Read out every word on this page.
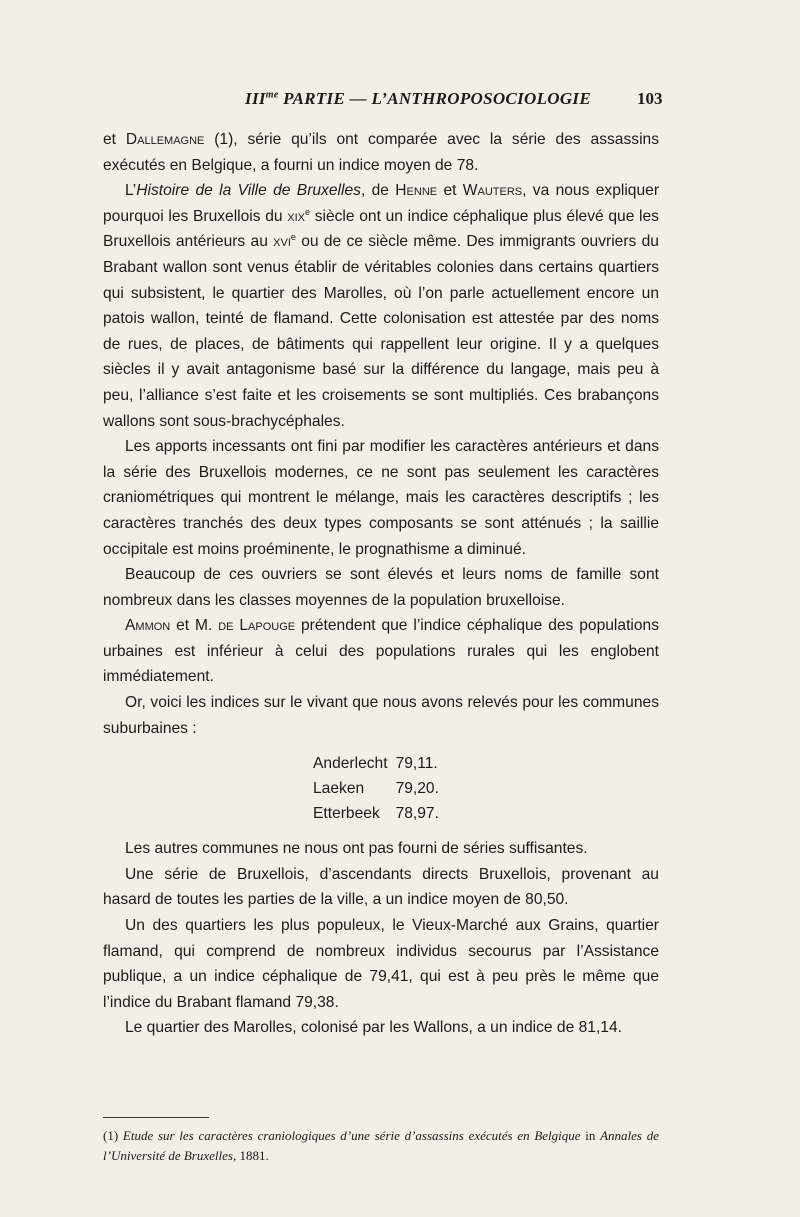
$III^{me}$ PARTIE — L’ANTHROPOSOCIOLOGIE	103

et Dallemagne (1), série qu’ils ont comparée avec la série des assassins exécutés en Belgique, a fourni un indice moyen de 78.

L’Histoire de la Ville de Bruxelles, de Henne et Wauters, va nous expliquer pourquoi les Bruxellois du xix$^e$ siècle ont un indice céphalique plus élevé que les Bruxellois antérieurs au xvi$^e$ ou de ce siècle même. Des immigrants ouvriers du Brabant wallon sont venus établir de véritables colonies dans certains quartiers qui subsistent, le quartier des Marolles, où l’on parle actuellement encore un patois wallon, teinté de flamand. Cette colonisation est attestée par des noms de rues, de places, de bâtiments qui rappellent leur origine. Il y a quelques siècles il y avait antagonisme basé sur la différence du langage, mais peu à peu, l’alliance s’est faite et les croisements se sont multipliés. Ces brabançons wallons sont sous-brachycéphales.

Les apports incessants ont fini par modifier les caractères antérieurs et dans la série des Bruxellois modernes, ce ne sont pas seulement les caractères craniométriques qui montrent le mélange, mais les caractères descriptifs ; les caractères tranchés des deux types composants se sont atténués ; la saillie occipitale est moins proéminente, le prognathisme a diminué.

Beaucoup de ces ouvriers se sont élevés et leurs noms de famille sont nombreux dans les classes moyennes de la population bruxelloise.

Ammon et M. de Lapouge prétendent que l’indice céphalique des populations urbaines est inférieur à celui des populations rurales qui les englobent immédiatement.

Or, voici les indices sur le vivant que nous avons relevés pour les communes suburbaines :

Anderlecht	79,11.
Laeken	79,20.
Etterbeek	78,97.

Les autres communes ne nous ont pas fourni de séries suffisantes.

Une série de Bruxellois, d’ascendants directs Bruxellois, provenant au hasard de toutes les parties de la ville, a un indice moyen de 80,50.

Un des quartiers les plus populeux, le Vieux-Marché aux Grains, quartier flamand, qui comprend de nombreux individus secourus par l’Assistance publique, a un indice céphalique de 79,41, qui est à peu près le même que l’indice du Brabant flamand 79,38.

Le quartier des Marolles, colonisé par les Wallons, a un indice de 81,14.

(1) Etude sur les caractères craniologiques d’une série d’assassins exécutés en Belgique in Annales de l’Université de Bruxelles, 1881.
